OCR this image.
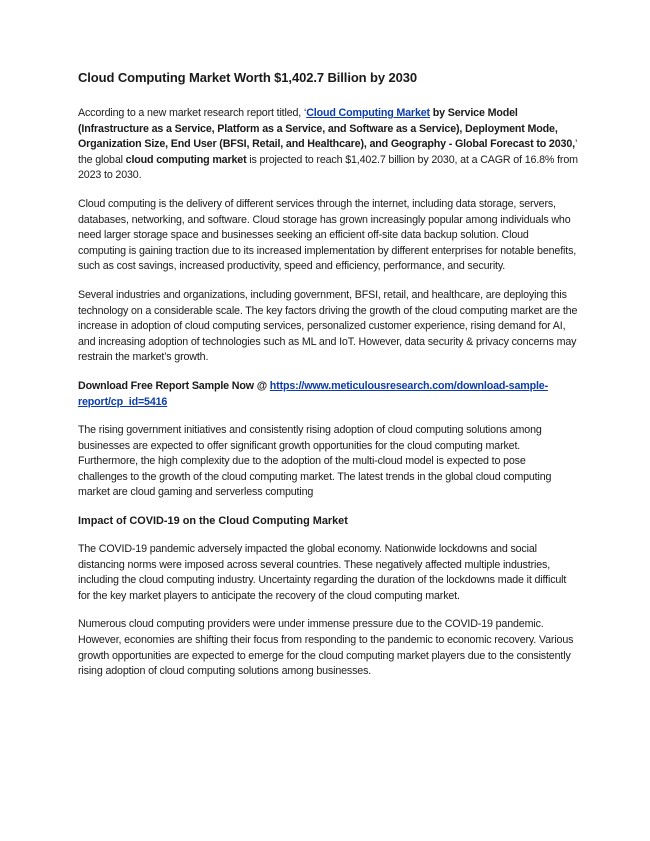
Cloud Computing Market Worth $1,402.7 Billion by 2030

According to a new market research report titled, ‘Cloud Computing Market by Service Model (Infrastructure as a Service, Platform as a Service, and Software as a Service), Deployment Mode, Organization Size, End User (BFSI, Retail, and Healthcare), and Geography - Global Forecast to 2030,’ the global cloud computing market is projected to reach $1,402.7 billion by 2030, at a CAGR of 16.8% from 2023 to 2030.

Cloud computing is the delivery of different services through the internet, including data storage, servers, databases, networking, and software. Cloud storage has grown increasingly popular among individuals who need larger storage space and businesses seeking an efficient off-site data backup solution. Cloud computing is gaining traction due to its increased implementation by different enterprises for notable benefits, such as cost savings, increased productivity, speed and efficiency, performance, and security.

Several industries and organizations, including government, BFSI, retail, and healthcare, are deploying this technology on a considerable scale. The key factors driving the growth of the cloud computing market are the increase in adoption of cloud computing services, personalized customer experience, rising demand for AI, and increasing adoption of technologies such as ML and IoT. However, data security & privacy concerns may restrain the market’s growth.

Download Free Report Sample Now @ https://www.meticulousresearch.com/download-sample-report/cp_id=5416

The rising government initiatives and consistently rising adoption of cloud computing solutions among businesses are expected to offer significant growth opportunities for the cloud computing market. Furthermore, the high complexity due to the adoption of the multi-cloud model is expected to pose challenges to the growth of the cloud computing market. The latest trends in the global cloud computing market are cloud gaming and serverless computing

Impact of COVID-19 on the Cloud Computing Market

The COVID-19 pandemic adversely impacted the global economy. Nationwide lockdowns and social distancing norms were imposed across several countries. These negatively affected multiple industries, including the cloud computing industry. Uncertainty regarding the duration of the lockdowns made it difficult for the key market players to anticipate the recovery of the cloud computing market.

Numerous cloud computing providers were under immense pressure due to the COVID-19 pandemic. However, economies are shifting their focus from responding to the pandemic to economic recovery. Various growth opportunities are expected to emerge for the cloud computing market players due to the consistently rising adoption of cloud computing solutions among businesses.
